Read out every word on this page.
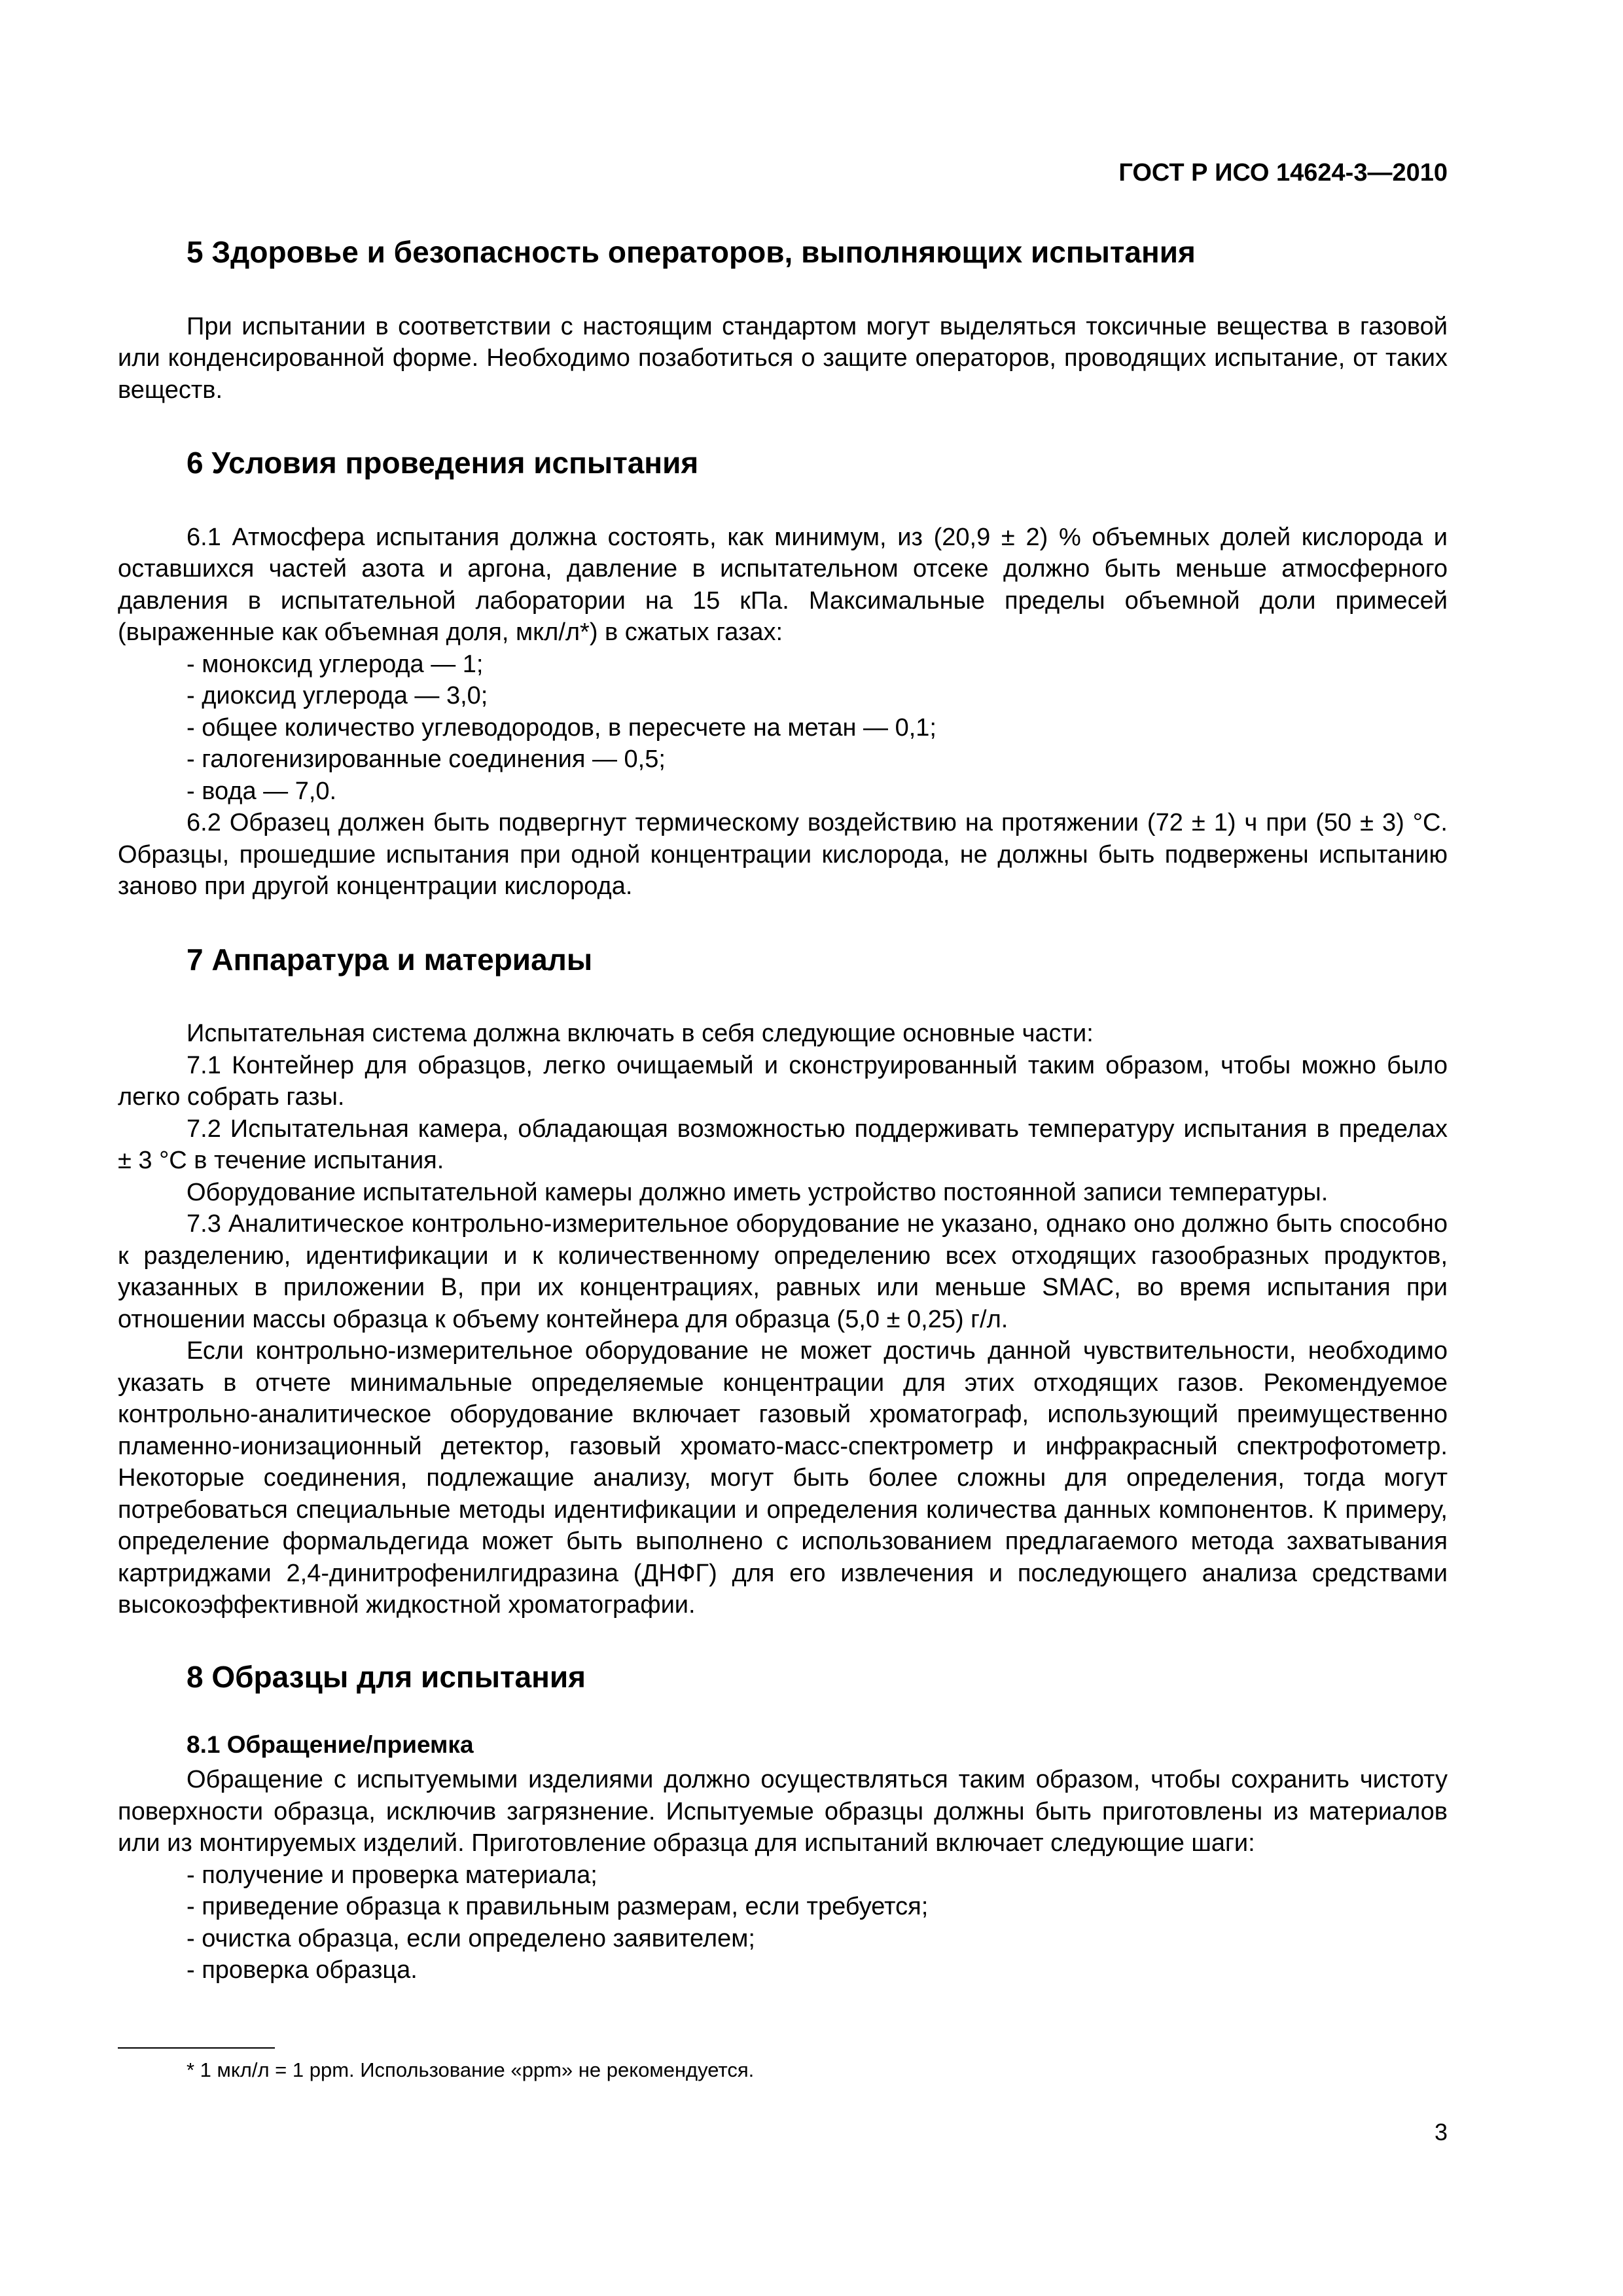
ГОСТ Р ИСО 14624-3—2010
5 Здоровье и безопасность операторов, выполняющих испытания

При испытании в соответствии с настоящим стандартом могут выделяться токсичные вещества в газовой или конденсированной форме. Необходимо позаботиться о защите операторов, проводящих испытание, от таких веществ.

6 Условия проведения испытания

6.1 Атмосфера испытания должна состоять, как минимум, из (20,9 ± 2) % объемных долей кислорода и оставшихся частей азота и аргона, давление в испытательном отсеке должно быть меньше атмосферного давления в испытательной лаборатории на 15 кПа. Максимальные пределы объемной доли примесей (выраженные как объемная доля, мкл/л*) в сжатых газах:

- моноксид углерода — 1;
- диоксид углерода — 3,0;
- общее количество углеводородов, в пересчете на метан — 0,1;
- галогенизированные соединения — 0,5;
- вода — 7,0.

6.2 Образец должен быть подвергнут термическому воздействию на протяжении (72 ± 1) ч при (50 ± 3) °С. Образцы, прошедшие испытания при одной концентрации кислорода, не должны быть подвержены испытанию заново при другой концентрации кислорода.

7 Аппаратура и материалы

Испытательная система должна включать в себя следующие основные части:

7.1 Контейнер для образцов, легко очищаемый и сконструированный таким образом, чтобы можно было легко собрать газы.

7.2 Испытательная камера, обладающая возможностью поддерживать температуру испытания в пределах ± 3 °С в течение испытания.

Оборудование испытательной камеры должно иметь устройство постоянной записи температуры.

7.3 Аналитическое контрольно-измерительное оборудование не указано, однако оно должно быть способно к разделению, идентификации и к количественному определению всех отходящих газообразных продуктов, указанных в приложении В, при их концентрациях, равных или меньше SMAC, во время испытания при отношении массы образца к объему контейнера для образца (5,0 ± 0,25) г/л.

Если контрольно-измерительное оборудование не может достичь данной чувствительности, необходимо указать в отчете минимальные определяемые концентрации для этих отходящих газов. Рекомендуемое контрольно-аналитическое оборудование включает газовый хроматограф, использующий преимущественно пламенно-ионизационный детектор, газовый хромато-масс-спектрометр и инфракрасный спектрофотометр. Некоторые соединения, подлежащие анализу, могут быть более сложны для определения, тогда могут потребоваться специальные методы идентификации и определения количества данных компонентов. К примеру, определение формальдегида может быть выполнено с использованием предлагаемого метода захватывания картриджами 2,4-динитрофенилгидразина (ДНФГ) для его извлечения и последующего анализа средствами высокоэффективной жидкостной хроматографии.

8 Образцы для испытания
8.1 Обращение/приемка

Обращение с испытуемыми изделиями должно осуществляться таким образом, чтобы сохранить чистоту поверхности образца, исключив загрязнение. Испытуемые образцы должны быть приготовлены из материалов или из монтируемых изделий. Приготовление образца для испытаний включает следующие шаги:

- получение и проверка материала;
- приведение образца к правильным размерам, если требуется;
- очистка образца, если определено заявителем;
- проверка образца.
* 1 мкл/л = 1 ppm. Использование «ppm» не рекомендуется.
3
